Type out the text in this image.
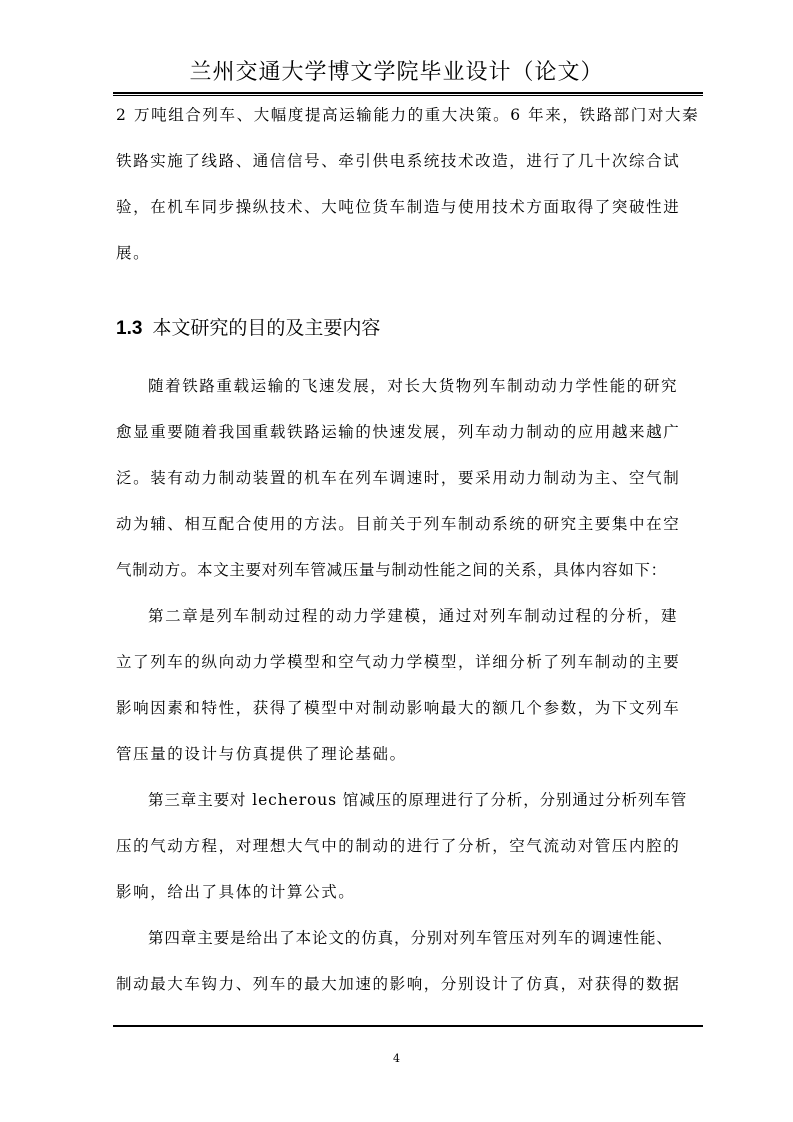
兰州交通大学博文学院毕业设计（论文）
2 万吨组合列车、大幅度提高运输能力的重大决策。6 年来，铁路部门对大秦
铁路实施了线路、通信信号、牵引供电系统技术改造，进行了几十次综合试
验，在机车同步操纵技术、大吨位货车制造与使用技术方面取得了突破性进
展。
1.3 本文研究的目的及主要内容
随着铁路重载运输的飞速发展，对长大货物列车制动动力学性能的研究
愈显重要随着我国重载铁路运输的快速发展，列车动力制动的应用越来越广
泛。装有动力制动装置的机车在列车调速时，要采用动力制动为主、空气制
动为辅、相互配合使用的方法。目前关于列车制动系统的研究主要集中在空
气制动方。本文主要对列车管减压量与制动性能之间的关系，具体内容如下：
第二章是列车制动过程的动力学建模，通过对列车制动过程的分析，建
立了列车的纵向动力学模型和空气动力学模型，详细分析了列车制动的主要
影响因素和特性，获得了模型中对制动影响最大的额几个参数，为下文列车
管压量的设计与仿真提供了理论基础。
第三章主要对 lecherous 馆减压的原理进行了分析，分别通过分析列车管
压的气动方程，对理想大气中的制动的进行了分析，空气流动对管压内腔的
影响，给出了具体的计算公式。
第四章主要是给出了本论文的仿真，分别对列车管压对列车的调速性能、
制动最大车钩力、列车的最大加速的影响，分别设计了仿真，对获得的数据
4
